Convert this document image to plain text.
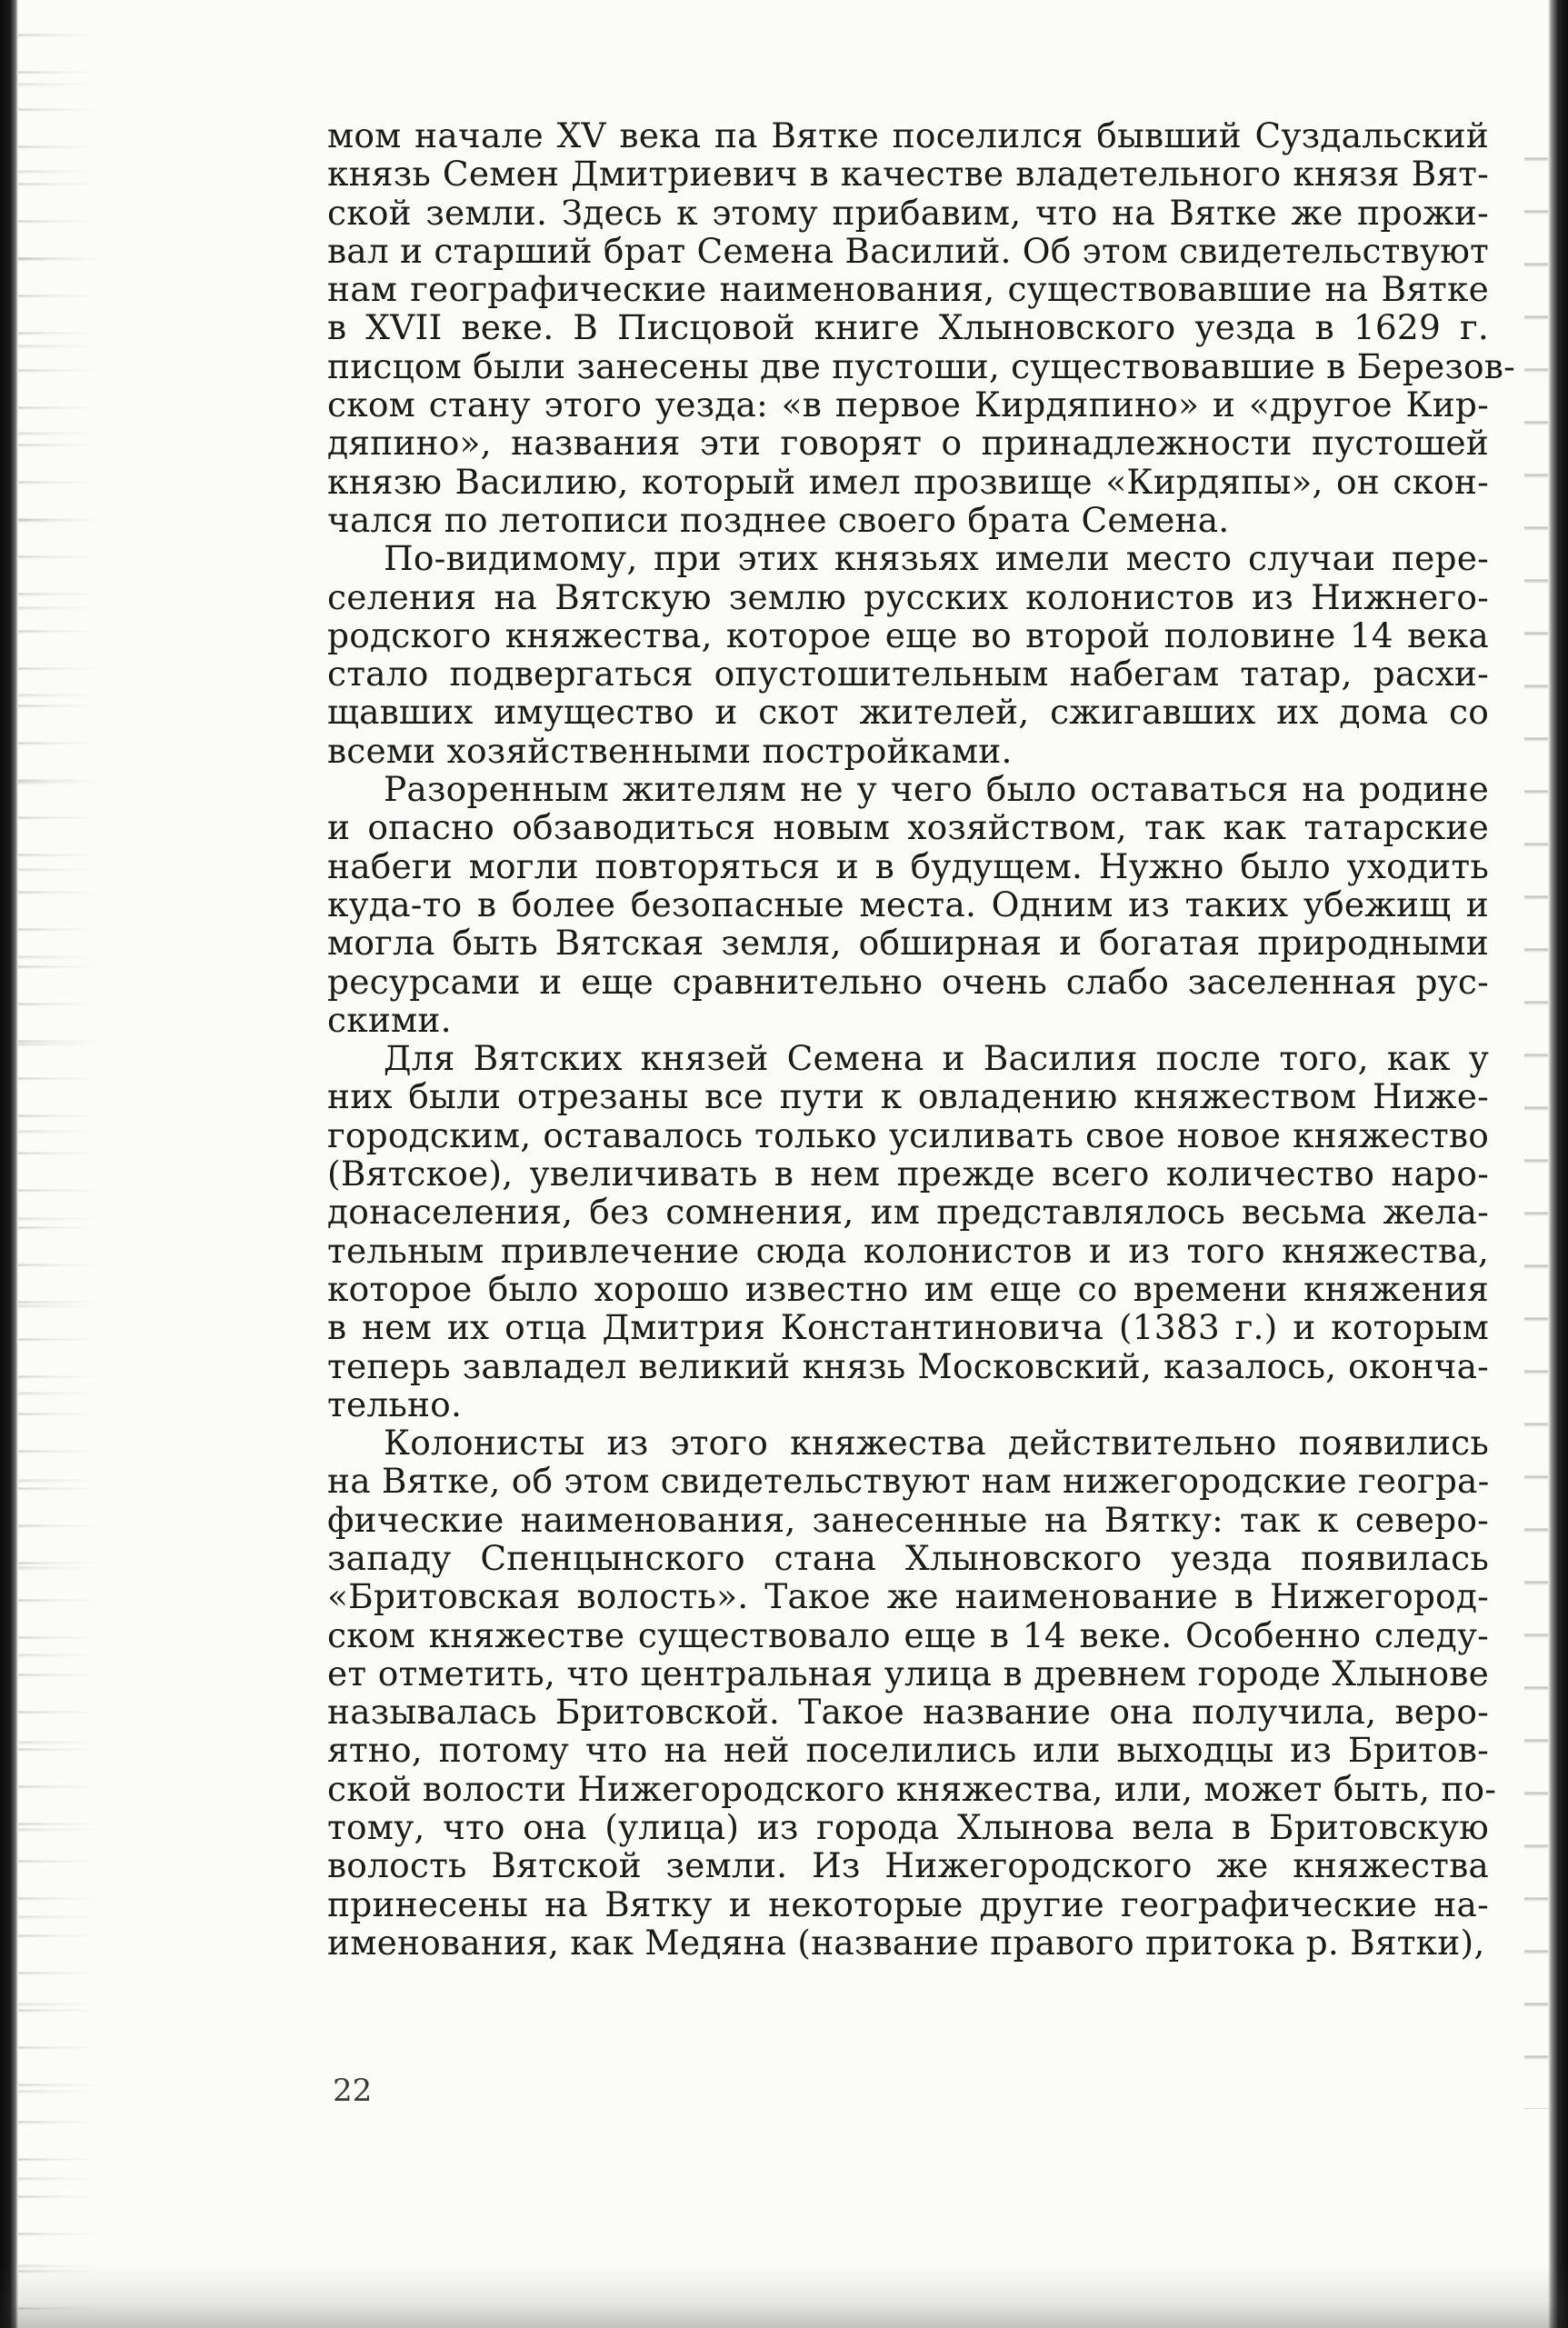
мом начале XV века па Вятке поселился бывший Суздальский
князь Семен Дмитриевич в качестве владетельного князя Вят-
ской земли. Здесь к этому прибавим, что на Вятке же прожи-
вал и старший брат Семена Василий. Об этом свидетельствуют
нам географические наименования, существовавшие на Вятке
в XVII веке. В Писцовой книге Хлыновского уезда в 1629 г.
писцом были занесены две пустоши, существовавшие в Березов-
ском стану этого уезда: «в первое Кирдяпино» и «другое Кир-
дяпино», названия эти говорят о принадлежности пустошей
князю Василию, который имел прозвище «Кирдяпы», он скон-
чался по летописи позднее своего брата Семена.
По-видимому, при этих князьях имели место случаи пере-
селения на Вятскую землю русских колонистов из Нижнего-
родского княжества, которое еще во второй половине 14 века
стало подвергаться опустошительным набегам татар, расхи-
щавших имущество и скот жителей, сжигавших их дома со
всеми хозяйственными постройками.
Разоренным жителям не у чего было оставаться на родине
и опасно обзаводиться новым хозяйством, так как татарские
набеги могли повторяться и в будущем. Нужно было уходить
куда-то в более безопасные места. Одним из таких убежищ и
могла быть Вятская земля, обширная и богатая природными
ресурсами и еще сравнительно очень слабо заселенная рус-
скими.
Для Вятских князей Семена и Василия после того, как у
них были отрезаны все пути к овладению княжеством Ниже-
городским, оставалось только усиливать свое новое княжество
(Вятское), увеличивать в нем прежде всего количество наро-
донаселения, без сомнения, им представлялось весьма жела-
тельным привлечение сюда колонистов и из того княжества,
которое было хорошо известно им еще со времени княжения
в нем их отца Дмитрия Константиновича (1383 г.) и которым
теперь завладел великий князь Московский, казалось, оконча-
тельно.
Колонисты из этого княжества действительно появились
на Вятке, об этом свидетельствуют нам нижегородские геогра-
фические наименования, занесенные на Вятку: так к северо-
западу Спенцынского стана Хлыновского уезда появилась
«Бритовская волость». Такое же наименование в Нижегород-
ском княжестве существовало еще в 14 веке. Особенно следу-
ет отметить, что центральная улица в древнем городе Хлынове
называлась Бритовской. Такое название она получила, веро-
ятно, потому что на ней поселились или выходцы из Бритов-
ской волости Нижегородского княжества, или, может быть, по-
тому, что она (улица) из города Хлынова вела в Бритовскую
волость Вятской земли. Из Нижегородского же княжества
принесены на Вятку и некоторые другие географические на-
именования, как Медяна (название правого притока р. Вятки),
22
